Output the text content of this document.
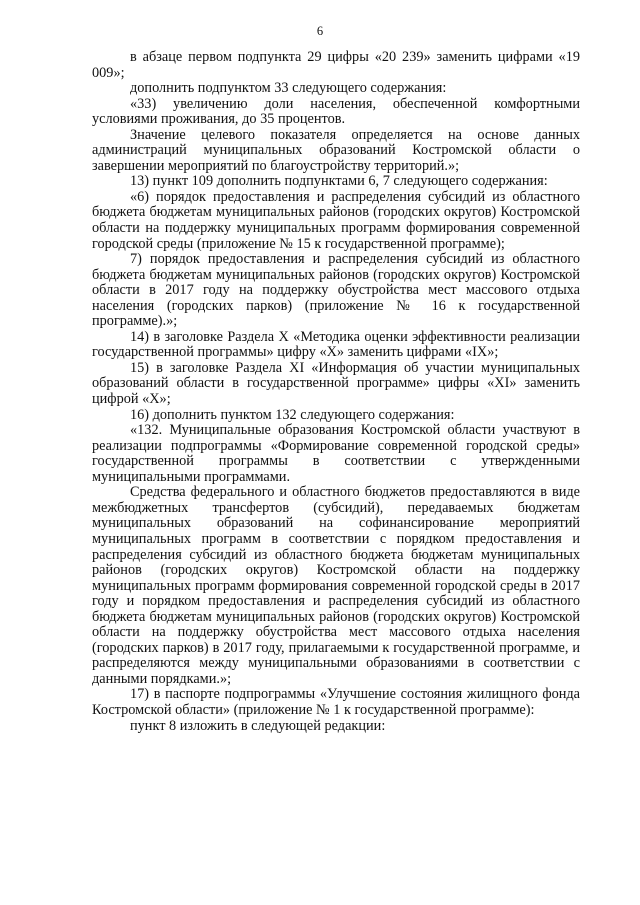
6

в абзаце первом подпункта 29 цифры «20 239» заменить цифрами «19 009»;

дополнить подпунктом 33 следующего содержания:

«33) увеличению доли населения, обеспеченной комфортными условиями проживания, до 35 процентов.

Значение целевого показателя определяется на основе данных администраций муниципальных образований Костромской области о завершении мероприятий по благоустройству территорий.»;

13) пункт 109 дополнить подпунктами 6, 7 следующего содержания:

«6) порядок предоставления и распределения субсидий из областного бюджета бюджетам муниципальных районов (городских округов) Костромской области на поддержку муниципальных программ формирования современной городской среды (приложение № 15 к государственной программе);

7) порядок предоставления и распределения субсидий из областного бюджета бюджетам муниципальных районов (городских округов) Костромской области в 2017 году на поддержку обустройства мест массового отдыха населения (городских парков) (приложение № 16 к государственной программе).»;

14) в заголовке Раздела X «Методика оценки эффективности реализации государственной программы» цифру «X» заменить цифрами «IX»;

15) в заголовке Раздела XI «Информация об участии муниципальных образований области в государственной программе» цифры «XI» заменить цифрой «X»;

16) дополнить пунктом 132 следующего содержания:

«132. Муниципальные образования Костромской области участвуют в реализации подпрограммы «Формирование современной городской среды» государственной программы в соответствии с утвержденными муниципальными программами.

Средства федерального и областного бюджетов предоставляются в виде межбюджетных трансфертов (субсидий), передаваемых бюджетам муниципальных образований на софинансирование мероприятий муниципальных программ в соответствии с порядком предоставления и распределения субсидий из областного бюджета бюджетам муниципальных районов (городских округов) Костромской области на поддержку муниципальных программ формирования современной городской среды в 2017 году и порядком предоставления и распределения субсидий из областного бюджета бюджетам муниципальных районов (городских округов) Костромской области на поддержку обустройства мест массового отдыха населения (городских парков) в 2017 году, прилагаемыми к государственной программе, и распределяются между муниципальными образованиями в соответствии с данными порядками.»;

17) в паспорте подпрограммы «Улучшение состояния жилищного фонда Костромской области» (приложение № 1 к государственной программе):

пункт 8 изложить в следующей редакции:
